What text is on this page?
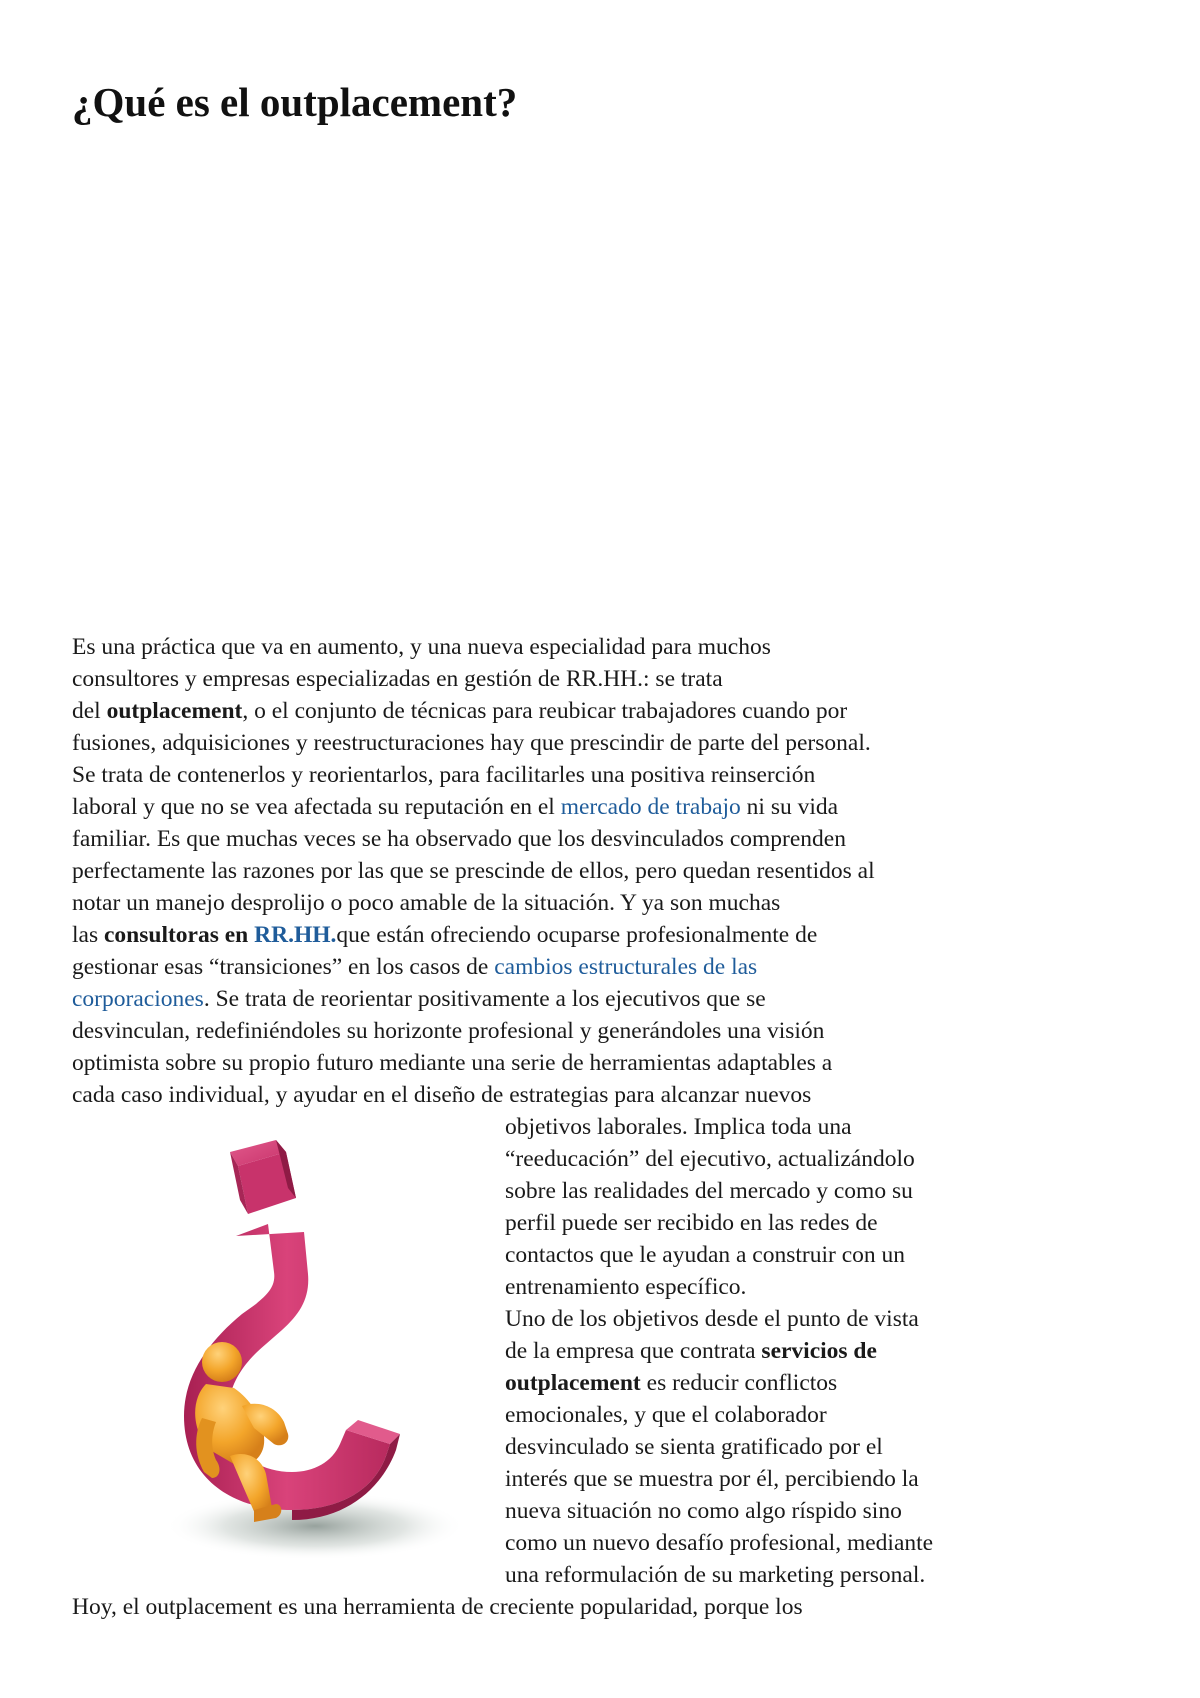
¿Qué es el outplacement?
Es una práctica que va en aumento, y una nueva especialidad para muchos
consultores y empresas especializadas en gestión de RR.HH.: se trata
del outplacement, o el conjunto de técnicas para reubicar trabajadores cuando por
fusiones, adquisiciones y reestructuraciones hay que prescindir de parte del personal.
Se trata de contenerlos y reorientarlos, para facilitarles una positiva reinserción
laboral y que no se vea afectada su reputación en el mercado de trabajo ni su vida
familiar. Es que muchas veces se ha observado que los desvinculados comprenden
perfectamente las razones por las que se prescinde de ellos, pero quedan resentidos al
notar un manejo desprolijo o poco amable de la situación. Y ya son muchas
las consultoras en RR.HH.que están ofreciendo ocuparse profesionalmente de
gestionar esas “transiciones” en los casos de cambios estructurales de las
corporaciones. Se trata de reorientar positivamente a los ejecutivos que se
desvinculan, redefiniéndoles su horizonte profesional y generándoles una visión
optimista sobre su propio futuro mediante una serie de herramientas adaptables a
cada caso individual, y ayudar en el diseño de estrategias para alcanzar nuevos
objetivos laborales. Implica toda una
“reeducación” del ejecutivo, actualizándolo
sobre las realidades del mercado y como su
perfil puede ser recibido en las redes de
contactos que le ayudan a construir con un
entrenamiento específico.
Uno de los objetivos desde el punto de vista
de la empresa que contrata servicios de
outplacement es reducir conflictos
emocionales, y que el colaborador
desvinculado se sienta gratificado por el
interés que se muestra por él, percibiendo la
nueva situación no como algo ríspido sino
como un nuevo desafío profesional, mediante
una reformulación de su marketing personal.
Hoy, el outplacement es una herramienta de creciente popularidad, porque los
